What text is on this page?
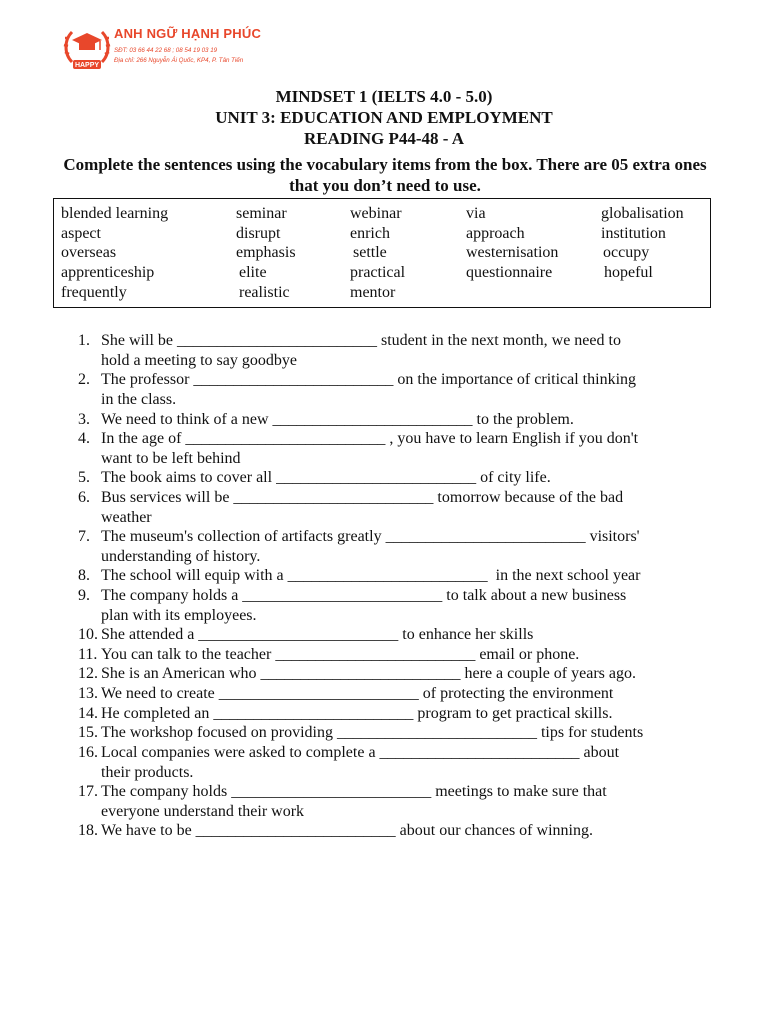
HAPPY
ANH NGỮ HẠNH PHÚC
SĐT: 03 66 44 22 68 ; 08 54 19 03 19
Địa chỉ: 266 Nguyễn Ái Quốc, KP4, P. Tân Tiến
MINDSET 1 (IELTS 4.0 - 5.0)
UNIT 3: EDUCATION AND EMPLOYMENT
READING P44-48 - A
Complete the sentences using the vocabulary items from the box. There are 05 extra ones that you don’t need to use.
blended learning	seminar	webinar	via	globalisation
aspect	disrupt	enrich	approach	institution
overseas	emphasis	settle	westernisation	occupy
apprenticeship	elite	practical	questionnaire	hopeful
frequently	realistic	mentor
1. She will be _________________________ student in the next month, we need to
hold a meeting to say goodbye
2. The professor _________________________ on the importance of critical thinking
in the class.
3. We need to think of a new _________________________ to the problem.
4. In the age of _________________________ , you have to learn English if you don't
want to be left behind
5. The book aims to cover all _________________________ of city life.
6. Bus services will be _________________________ tomorrow because of the bad
weather
7. The museum's collection of artifacts greatly _________________________ visitors'
understanding of history.
8. The school will equip with a _________________________  in the next school year
9. The company holds a _________________________ to talk about a new business
plan with its employees.
10. She attended a _________________________ to enhance her skills
11. You can talk to the teacher _________________________ email or phone.
12. She is an American who _________________________ here a couple of years ago.
13. We need to create _________________________ of protecting the environment
14. He completed an _________________________ program to get practical skills.
15. The workshop focused on providing _________________________ tips for students
16. Local companies were asked to complete a _________________________ about
their products.
17. The company holds _________________________ meetings to make sure that
everyone understand their work
18. We have to be _________________________ about our chances of winning.
